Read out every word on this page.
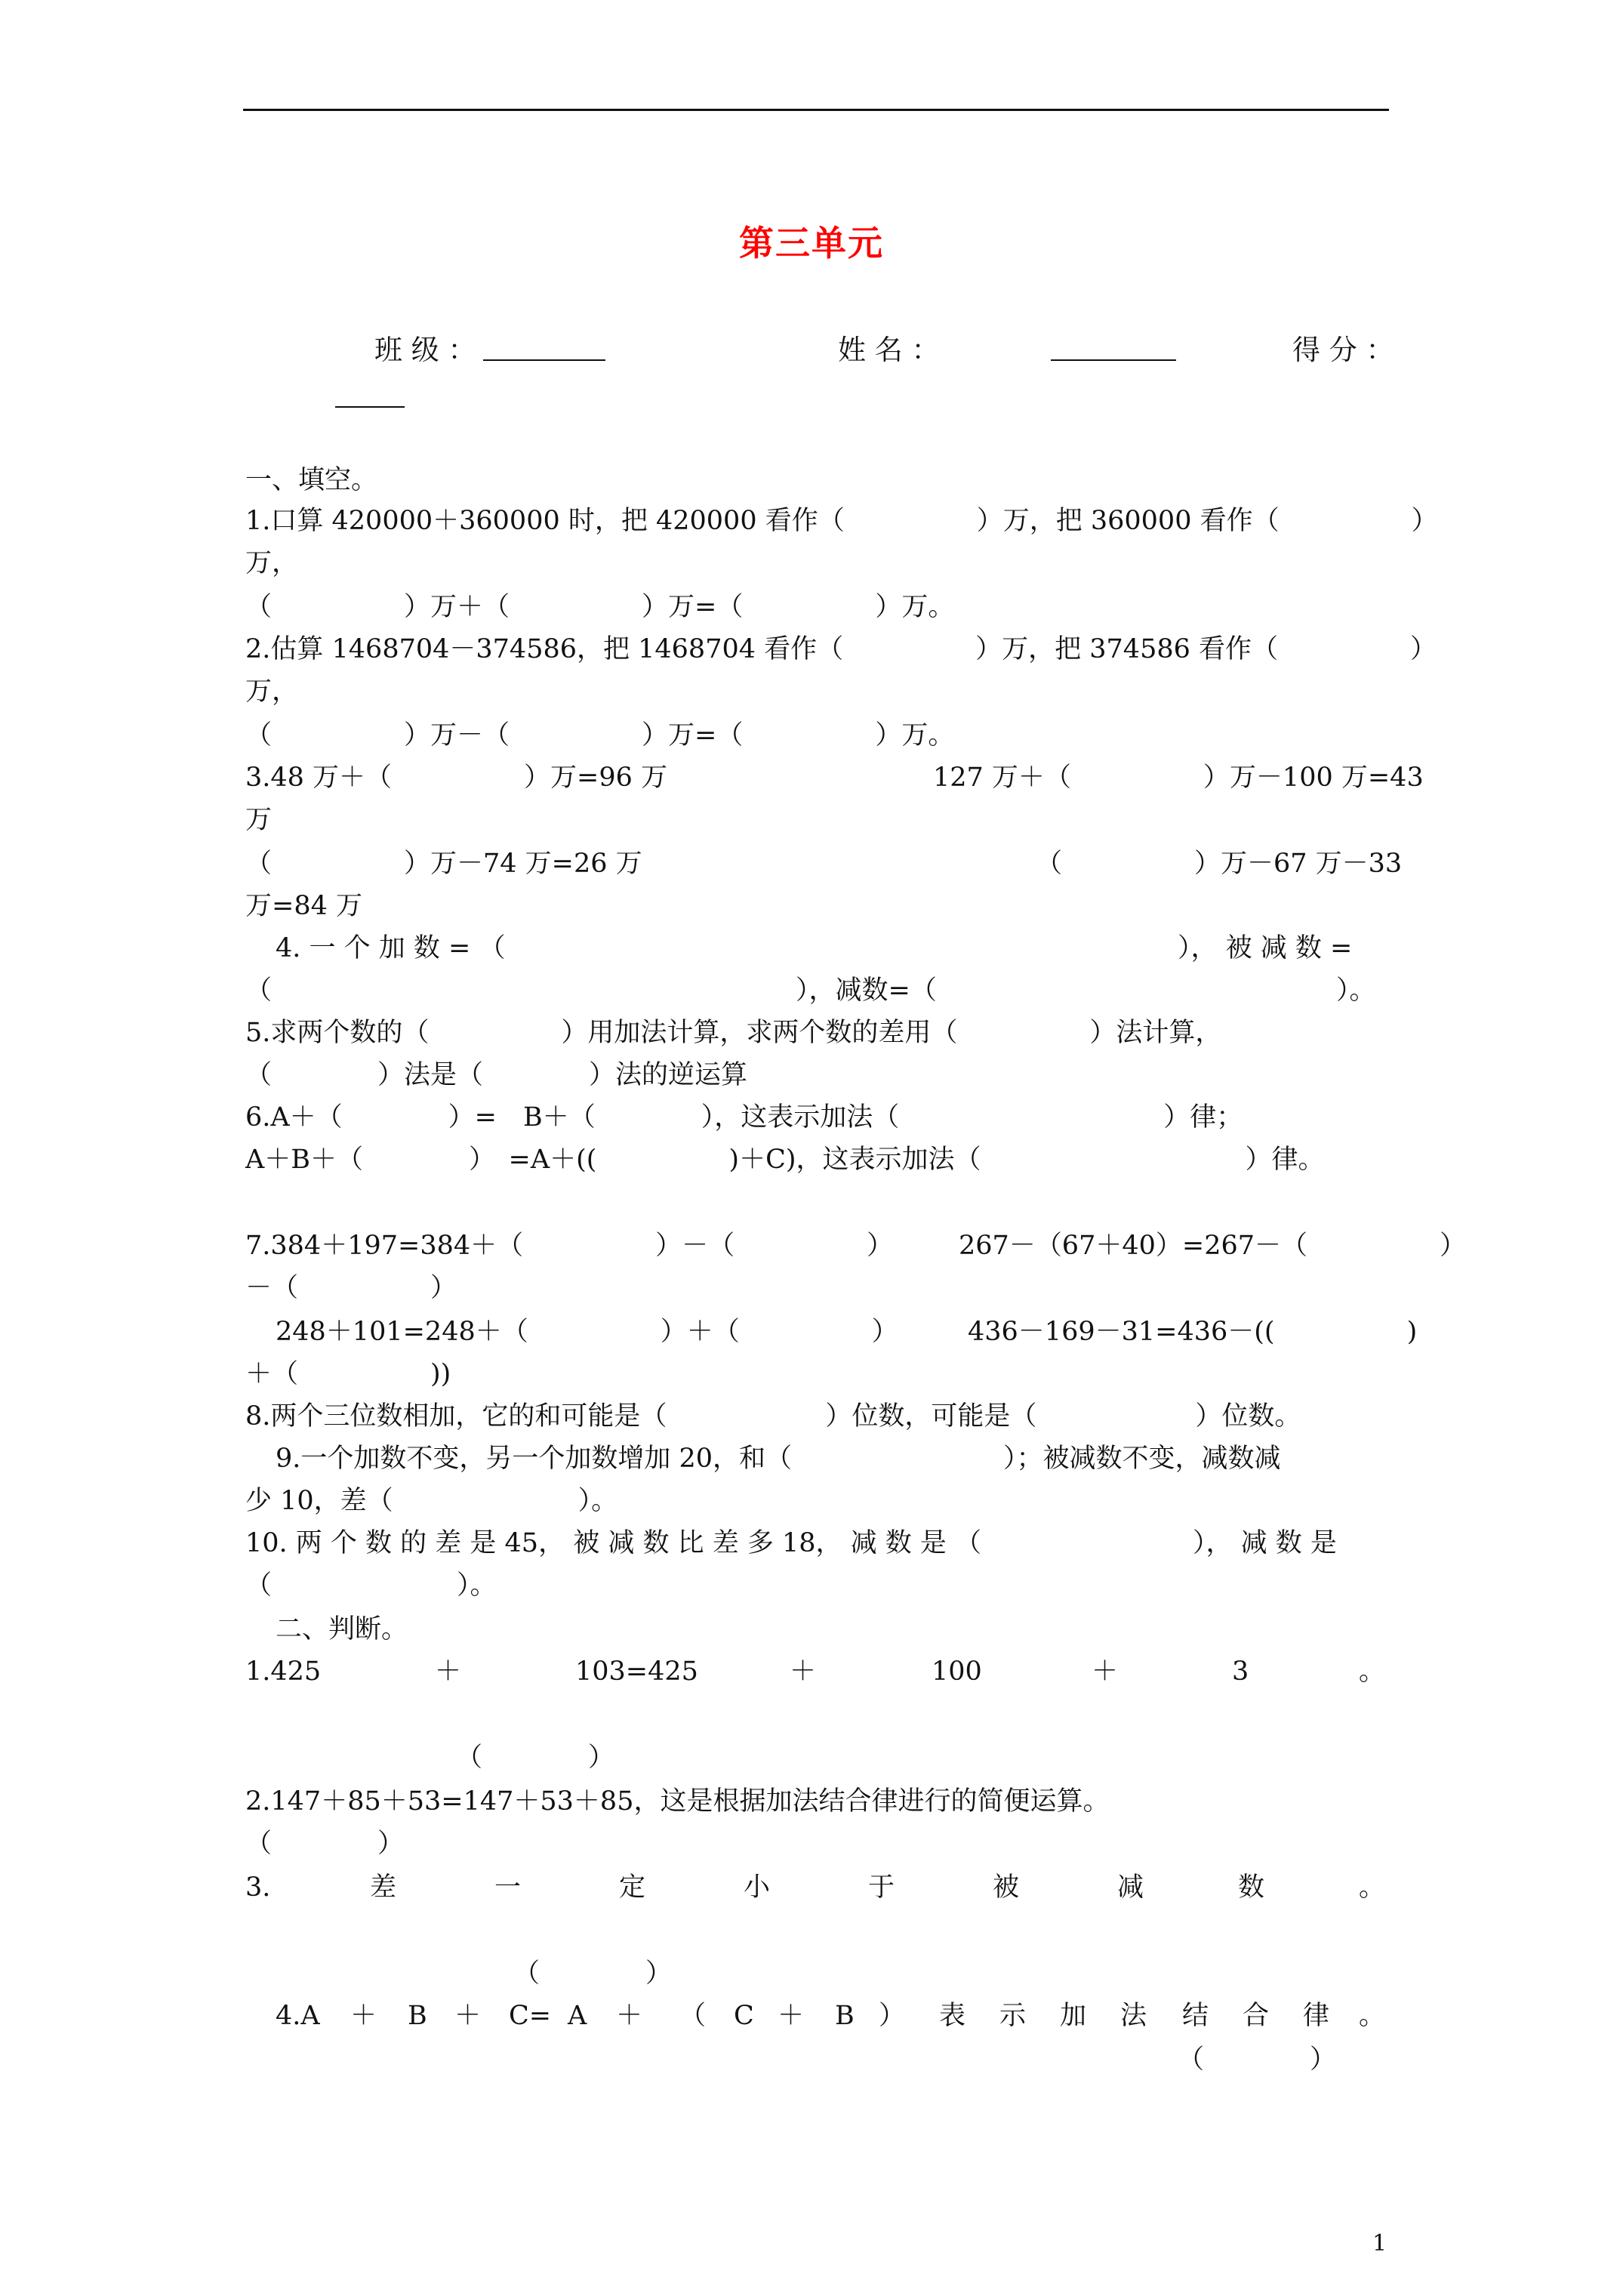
第三单元
班 级 ：	姓 名 ：	得 分 ：
一、填空。
1.口算 420000＋360000 时，把 420000 看作（　　　　　）万，把 360000 看作（　　　　　）
万，
（　　　　　）万＋（　　　　　）万=（　　　　　）万。
2.估算 1468704－374586，把 1468704 看作（　　　　　）万，把 374586 看作（　　　　　）
万，
（　　　　　）万－（　　　　　）万=（　　　　　）万。
3.48 万＋（　　　　　）万=96 万	127 万＋（　　　　　）万－100 万=43
万
（　　　　　）万－74 万=26 万	（　　　　　）万－67 万－33
万=84 万
4. 一 个 加 数 = （	）， 被 减 数 =
（	），减数=（	）。
5.求两个数的（　　　　　）用加法计算，求两个数的差用（　　　　　）法计算，
（　　　　）法是（　　　　）法的逆运算
6.A＋（　　　　）=　B＋（　　　　），这表示加法（　　　　　　　　　　）律；
A＋B＋（　　　　）　=A＋((　　　　　)＋C)，这表示加法（　　　　　　　　　　）律。
7.384＋197=384＋（　　　　　）－（　　　　　） 267－（67＋40）=267－（　　　　　）
－（　　　　　）
248＋101=248＋（　　　　　）＋（　　　　　）	436－169－31=436－((　　　　　)
＋（　　　　　))
8.两个三位数相加，它的和可能是（　　　　　　）位数，可能是（　　　　　　）位数。
9.一个加数不变，另一个加数增加 20，和（　　　　　　　　）；被减数不变，减数减
少 10，差（　　　　　　　）。
10. 两 个 数 的 差 是 45， 被 减 数 比 差 多 18， 减 数 是 （　　　　　　　　）， 减 数 是
（　　　　　　　）。
二、判断。
1.425	＋	103=425	＋	100	＋	3	。
（　　　　）
2.147＋85＋53=147＋53＋85，这是根据加法结合律进行的简便运算。
（　　　　）
3.	差	一	定	小	于	被	减	数	。
（　　　　）
4.A ＋ B ＋ C= A ＋ （ C ＋ B ） 表 示 加 法 结 合 律 。
（　　　　）
1
